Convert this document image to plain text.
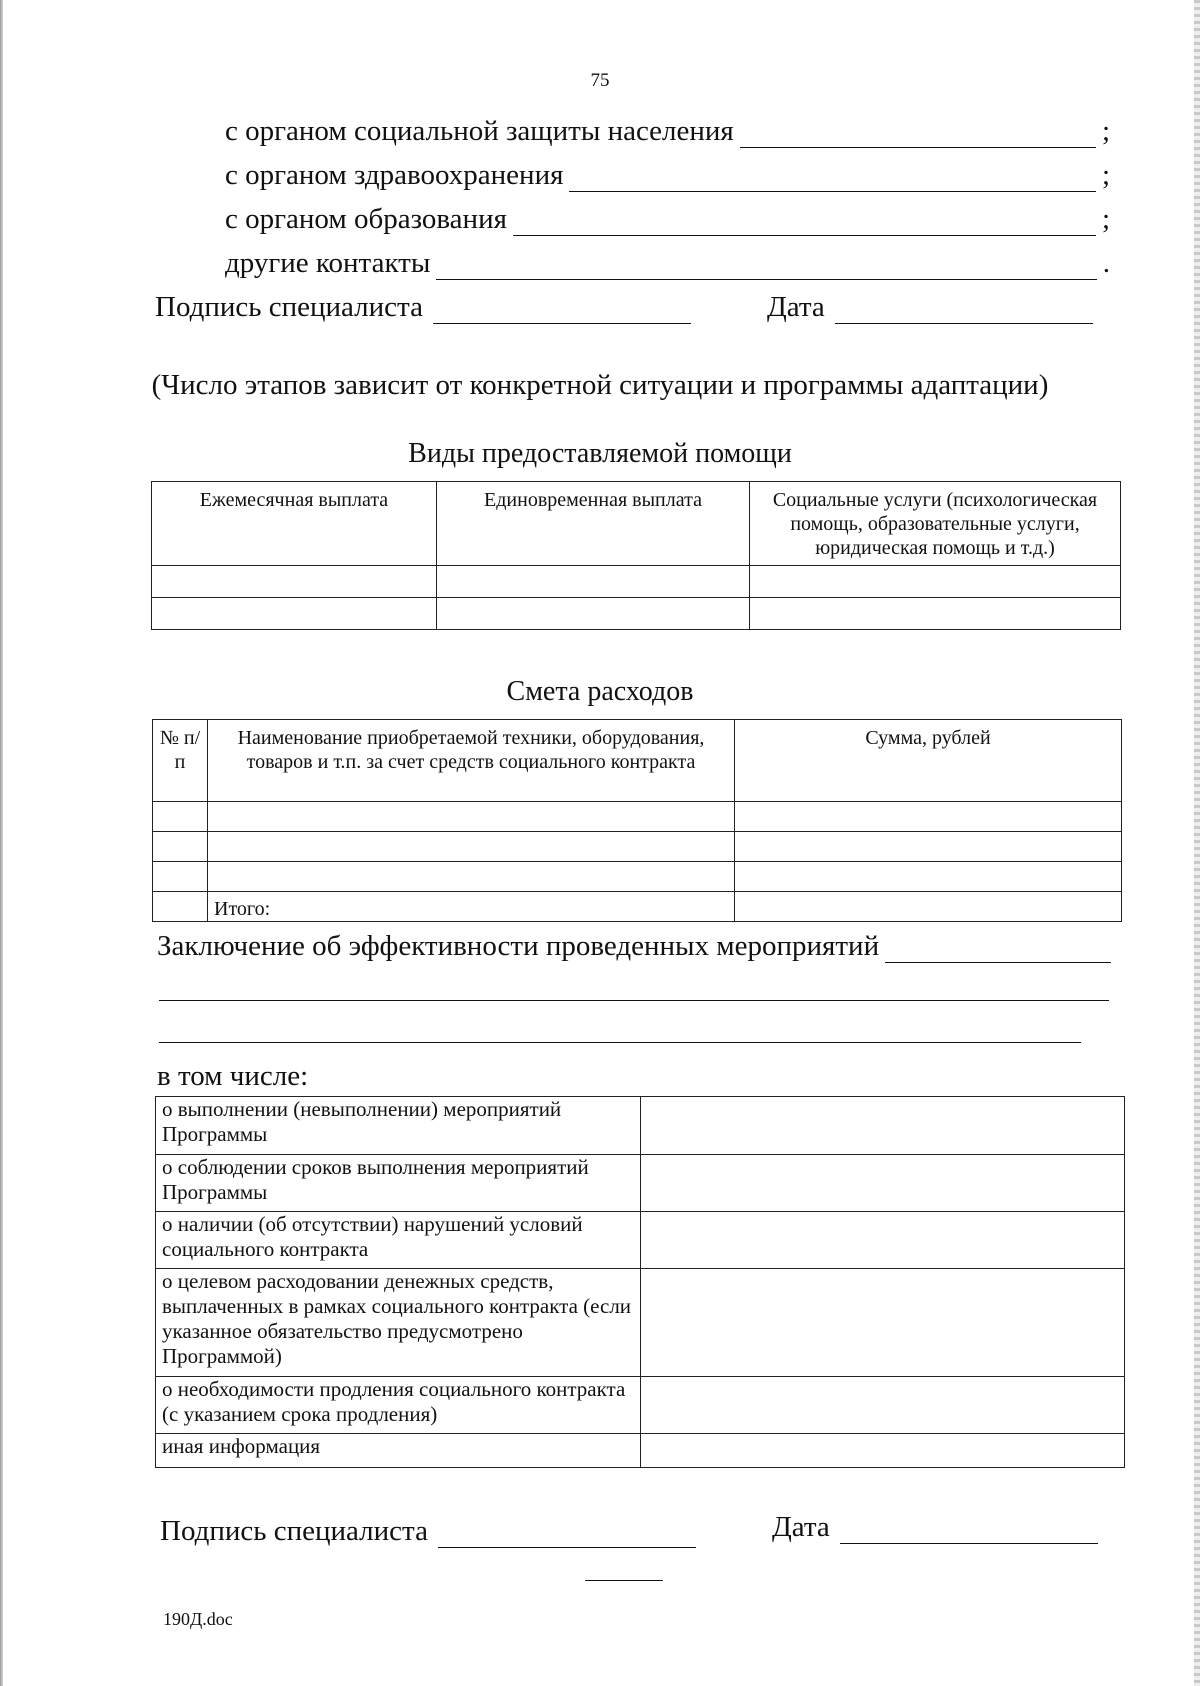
75
с органом социальной защиты населения	;
с органом здравоохранения	;
с органом образования	;
другие контакты	.
Подпись специалиста	Дата
(Число этапов зависит от конкретной ситуации и программы адаптации)
Виды предоставляемой помощи
Ежемесячная выплата	Единовременная выплата	Социальные услуги (психологическая помощь, образовательные услуги, юридическая помощь и т.д.)

Смета расходов
№ п/п	Наименование приобретаемой техники, оборудования, товаров и т.п. за счет средств социального контракта	Сумма, рублей

	Итого:	
Заключение об эффективности проведенных мероприятий
в том числе:
о выполнении (невыполнении) мероприятий Программы	
о соблюдении сроков выполнения мероприятий Программы	
о наличии (об отсутствии) нарушений условий социального контракта	
о целевом расходовании денежных средств, выплаченных в рамках социального контракта (если указанное обязательство предусмотрено Программой)	
о необходимости продления социального контракта (с указанием срока продления)	
иная информация	
Подпись специалиста	Дата
190Д.doc
